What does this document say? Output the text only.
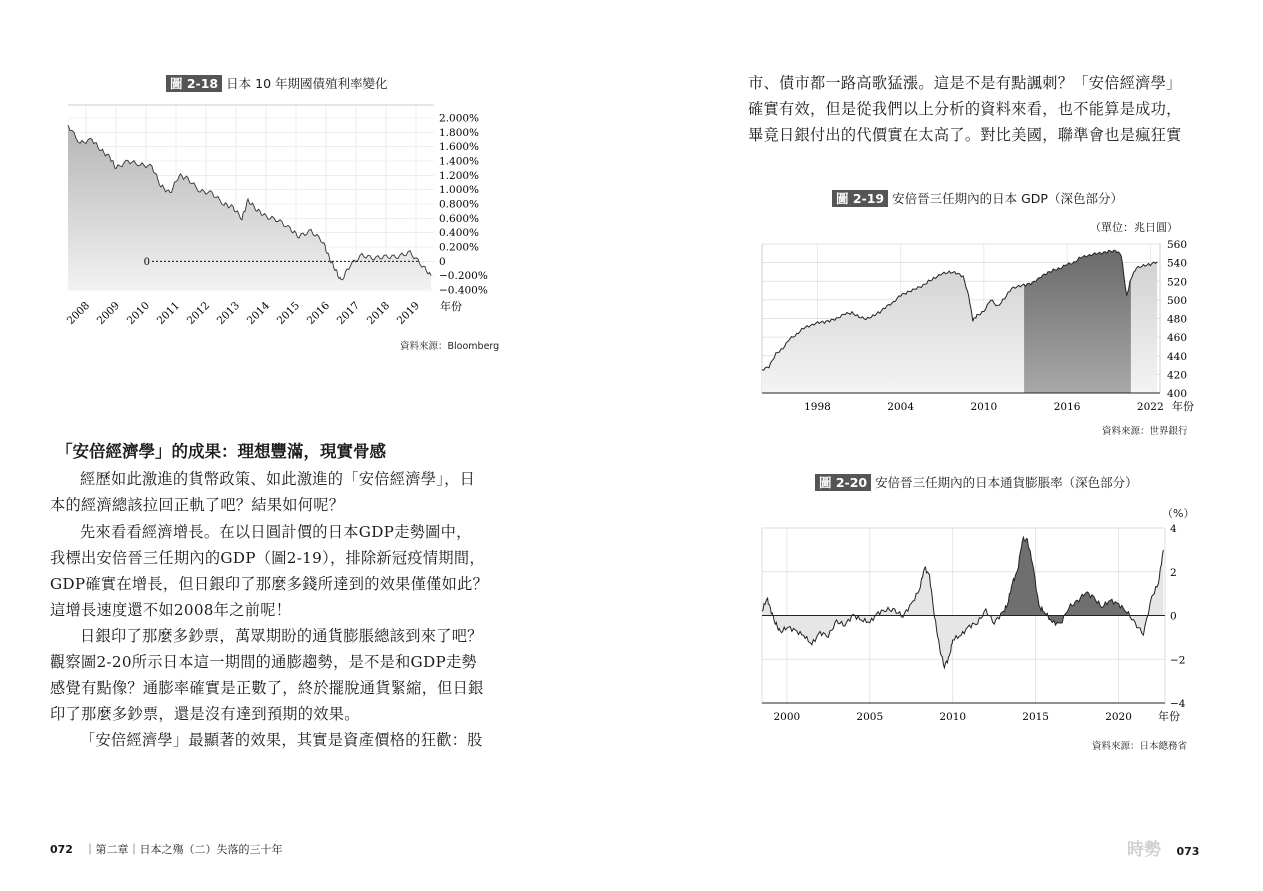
圖 2-18 日本 10 年期國債殖利率變化
0
2.000%
1.800%
1.600%
1.400%
1.200%
1.000%
0.800%
0.600%
0.400%
0.200%
0
−0.200%
−0.400%
2008 2009 2010 2011 2012 2013 2014 2015 2016 2017 2018 2019 年份
資料來源：Bloomberg
「安倍經濟學」的成果：理想豐滿，現實骨感
經歷如此激進的貨幣政策、如此激進的「安倍經濟學」，日
本的經濟總該拉回正軌了吧？結果如何呢？
先來看看經濟增長。在以日圓計價的日本GDP走勢圖中，
我標出安倍晉三任期內的GDP（圖2-19），排除新冠疫情期間，
GDP確實在增長，但日銀印了那麼多錢所達到的效果僅僅如此？
這增長速度還不如2008年之前呢！
日銀印了那麼多鈔票，萬眾期盼的通貨膨脹總該到來了吧？
觀察圖2-20所示日本這一期間的通膨趨勢，是不是和GDP走勢
感覺有點像？通膨率確實是正數了，終於擺脫通貨緊縮，但日銀
印了那麼多鈔票，還是沒有達到預期的效果。
「安倍經濟學」最顯著的效果，其實是資產價格的狂歡：股
072 ｜第二章｜日本之殤（二）失落的三十年
市、債市都一路高歌猛漲。這是不是有點諷刺？「安倍經濟學」
確實有效，但是從我們以上分析的資料來看，也不能算是成功，
畢竟日銀付出的代價實在太高了。對比美國，聯準會也是瘋狂實
圖 2-19 安倍晉三任期內的日本 GDP（深色部分）
（單位：兆日圓）
560
540
520
500
480
460
440
420
400
1998	2004	2010	2016	2022 年份
資料來源：世界銀行
圖 2-20 安倍晉三任期內的日本通貨膨脹率（深色部分）
（%）
4
2
0
−2
−4
2000	2005	2010	2015	2020 年份
資料來源：日本總務省
時勢 073
